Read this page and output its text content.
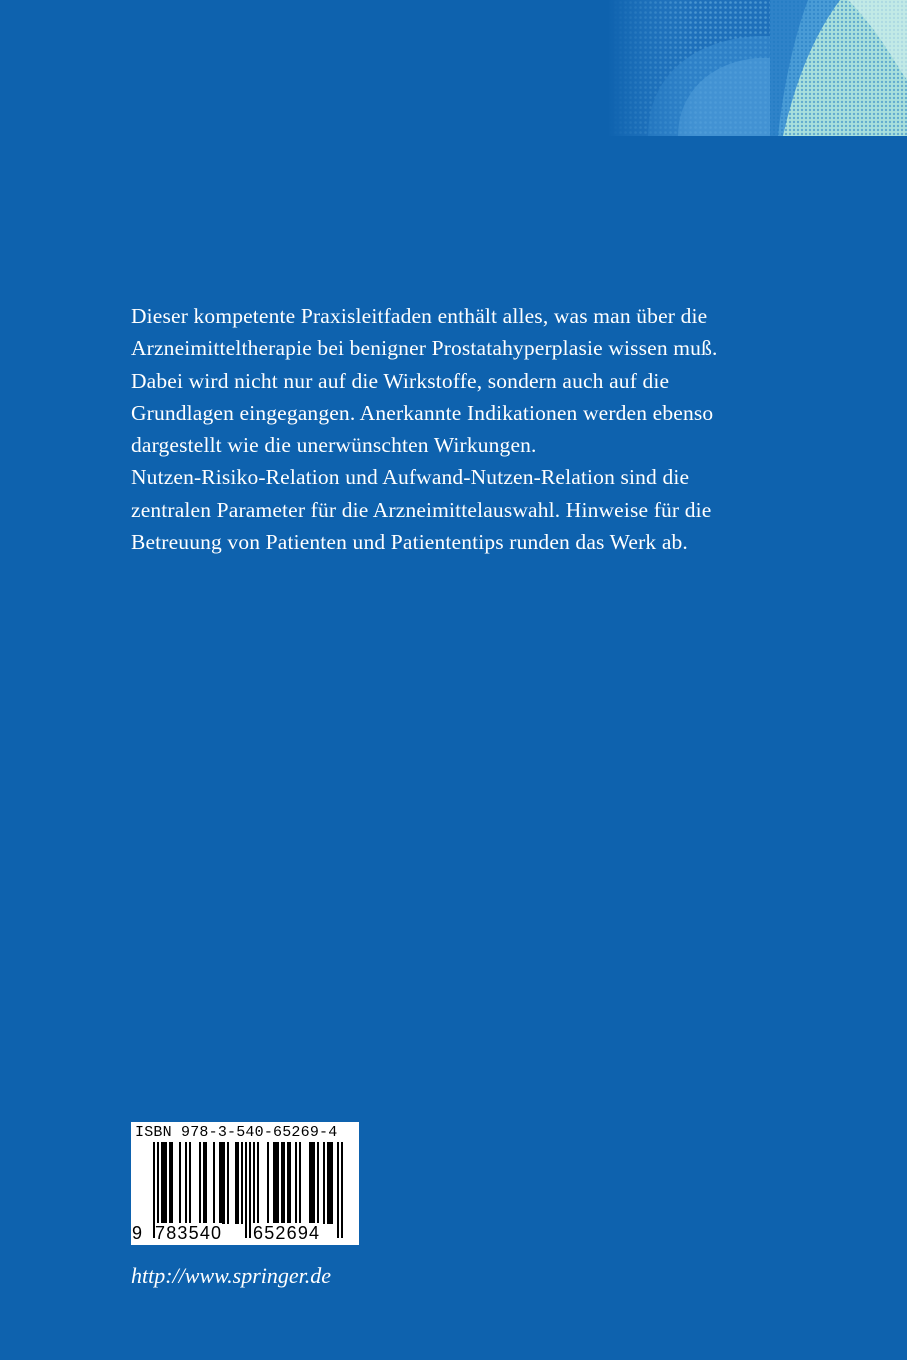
Dieser kompetente Praxisleitfaden enthält alles, was man über die
Arzneimitteltherapie bei benigner Prostatahyperplasie wissen muß.
Dabei wird nicht nur auf die Wirkstoffe, sondern auch auf die
Grundlagen eingegangen. Anerkannte Indikationen werden ebenso
dargestellt wie die unerwünschten Wirkungen.
Nutzen-Risiko-Relation und Aufwand-Nutzen-Relation sind die
zentralen Parameter für die Arzneimittelauswahl. Hinweise für die
Betreuung von Patienten und Patiententips runden das Werk ab.
ISBN 978-3-540-65269-4
9 783540 652694
http://www.springer.de
